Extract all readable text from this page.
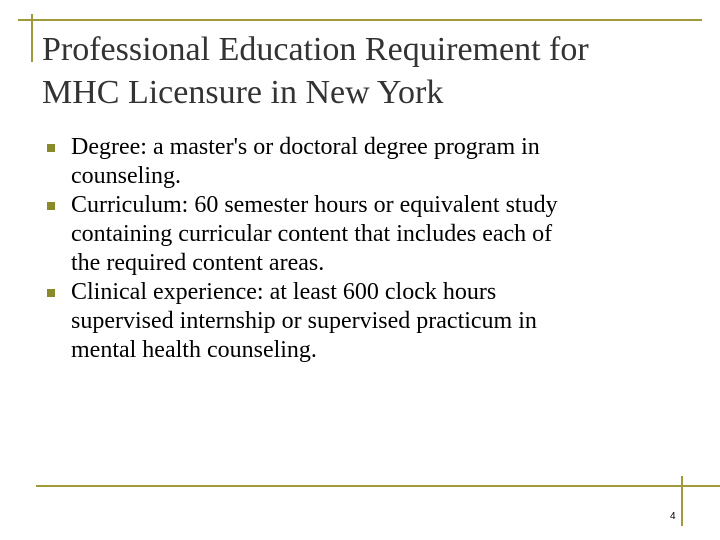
Professional Education Requirement for
MHC Licensure in New York
Degree: a master's or doctoral degree program in
counseling.
Curriculum: 60 semester hours or equivalent study
containing curricular content that includes each of
the required content areas.
Clinical experience: at least 600 clock hours
supervised internship or supervised practicum in
mental health counseling.
4
